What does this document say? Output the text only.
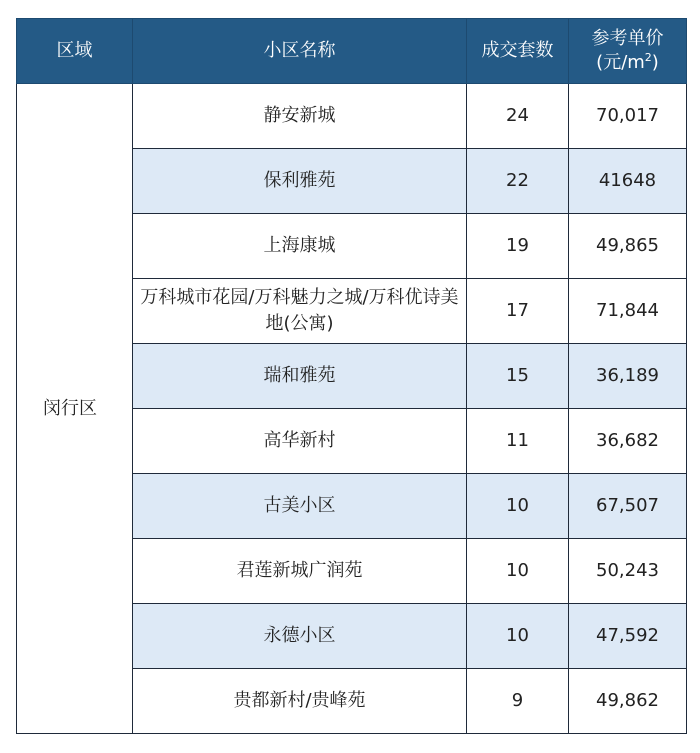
区域	小区名称	成交套数	参考单价
(元$/m^2$)
闵行区	静安新城	24	70,017
	保利雅苑	22	41648
	上海康城	19	49,865
	万科城市花园/万科魅力之城/万科优诗美地(公寓)	17	71,844
	瑞和雅苑	15	36,189
	高华新村	11	36,682
	古美小区	10	67,507
	君莲新城广润苑	10	50,243
	永德小区	10	47,592
	贵都新村/贵峰苑	9	49,862
